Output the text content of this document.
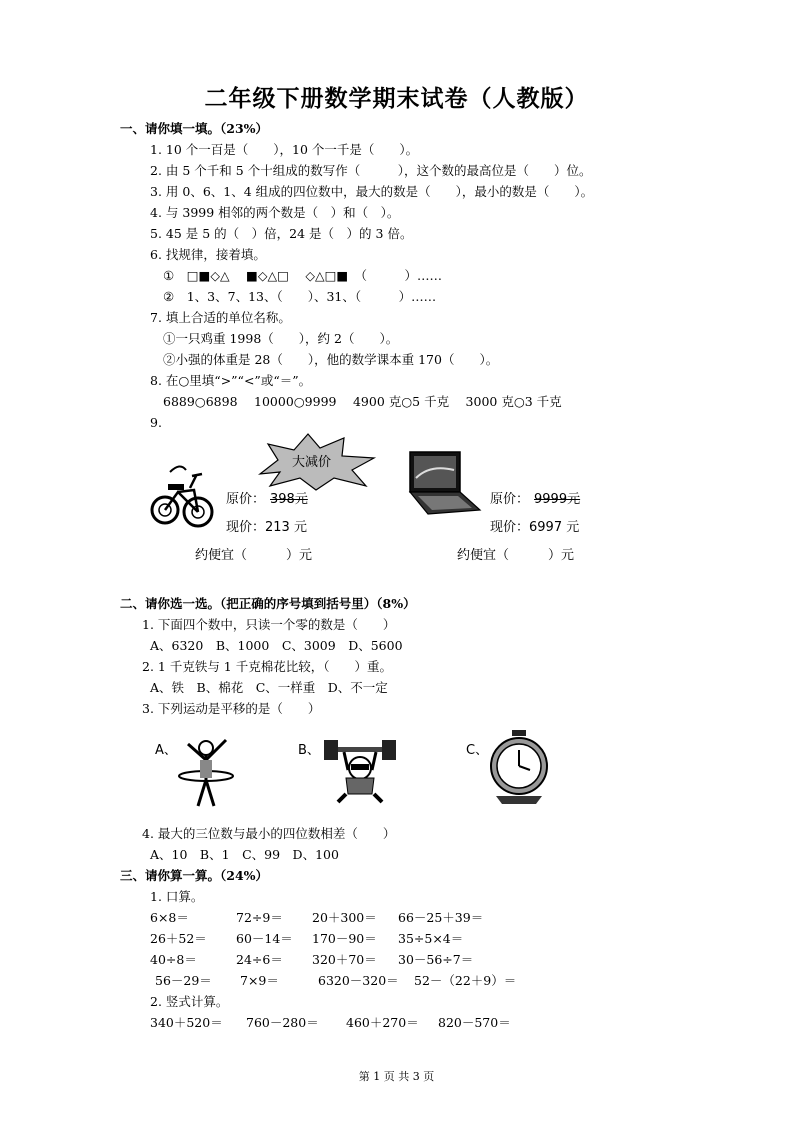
二年级下册数学期末试卷（人教版）
一、请你填一填。（23%）
1. 10 个一百是（　　），10 个一千是（　　）。
2. 由 5 个千和 5 个十组成的数写作（　　　），这个数的最高位是（　　）位。
3. 用 0、6、1、4 组成的四位数中，最大的数是（　　），最小的数是（　　）。
4. 与 3999 相邻的两个数是（　）和（　）。
5. 45 是 5 的（　）倍，24 是（　）的 3 倍。
6. 找规律，接着填。
①　□■◇△　 ■◇△□　 ◇△□■　（　　　）……
②　1、3、7、13、（　　）、31、（　　　）……
7. 填上合适的单位名称。
①一只鸡重 1998（　　），约 2（　　）。
②小强的体重是 28（　　），他的数学课本重 170（　　）。
8. 在○里填“>”“<”或“＝”。
6889○6898　 10000○9999　 4900 克○5 千克　 3000 克○3 千克
9.
大减价
原价： 398元
现价：213 元
原价： 9999元
现价：6997 元
约便宜（　　　）元	约便宜（　　　）元
二、请你选一选。（把正确的序号填到括号里）（8%）
1. 下面四个数中，只读一个零的数是（　　）
A、6320　B、1000　C、3009　D、5600
2. 1 千克铁与 1 千克棉花比较，（　　）重。
A、铁　B、棉花　C、一样重　D、不一定
3. 下列运动是平移的是（　　）
A、	B、	C、
4. 最大的三位数与最小的四位数相差（　　）
A、10　B、1　C、99　D、100
三、请你算一算。（24%）
1. 口算。
6×8＝	72÷9＝ 20＋300＝ 66－25＋39＝
26＋52＝ 60－14＝ 170－90＝ 35÷5×4＝
40÷8＝	24÷6＝ 320＋70＝ 30－56÷7＝
56－29＝ 7×9＝	6320－320＝ 52－（22＋9）＝
2. 竖式计算。
340＋520＝ 760－280＝ 460＋270＝ 820－570＝
第 1 页 共 3 页
